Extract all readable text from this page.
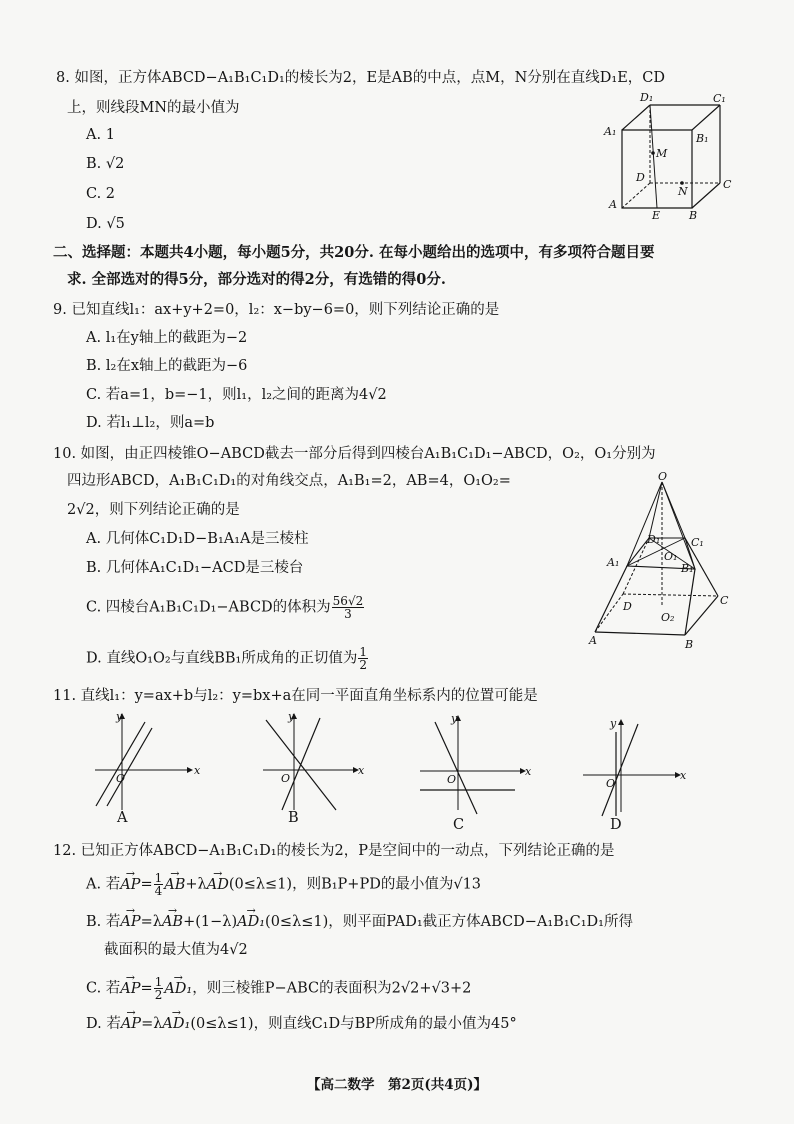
8. 如图，正方体ABCD−A₁B₁C₁D₁的棱长为2，E是AB的中点，点M，N分别在直线D₁E，CD
上，则线段MN的最小值为
A. 1
B. √2
C. 2
D. √5
D₁	C₁
A₁
B₁
M
D
N
C
A
E	B
二、选择题：本题共4小题，每小题5分，共20分. 在每小题给出的选项中，有多项符合题目要
求. 全部选对的得5分，部分选对的得2分，有选错的得0分.
9. 已知直线l₁：ax+y+2=0，l₂：x−by−6=0，则下列结论正确的是
A. l₁在y轴上的截距为−2
B. l₂在x轴上的截距为−6
C. 若a=1，b=−1，则l₁，l₂之间的距离为4√2
D. 若l₁⊥l₂，则a=b
10. 如图，由正四棱锥O−ABCD截去一部分后得到四棱台A₁B₁C₁D₁−ABCD，O₂，O₁分别为
四边形ABCD，A₁B₁C₁D₁的对角线交点，A₁B₁=2，AB=4，O₁O₂=
2√2，则下列结论正确的是
A. 几何体C₁D₁D−B₁A₁A是三棱柱
B. 几何体A₁C₁D₁−ACD是三棱台
C. 四棱台A₁B₁C₁D₁−ABCD的体积为 $\frac{56√2}{3}$
D. 直线O₁O₂与直线BB₁所成角的正切值为 $\frac{1}{2}$
O
D₁
O₁
C₁
A₁	B₁
D	C
O₂
A	B
11. 直线l₁：y=ax+b与l₂：y=bx+a在同一平面直角坐标系内的位置可能是
y
x
O
A
y
x
O
B
y
x
O
C
y
x
O
D
12. 已知正方体ABCD−A₁B₁C₁D₁的棱长为2，P是空间中的一动点，下列结论正确的是
A. 若→ $AP= \frac{1}{4}$
→ AB+λ→ AD(0≤λ≤1)，则B₁P+PD的最小值为√13
B. 若→ AP=λ→ AB+(1−λ)→ AD₁(0≤λ≤1)，则平面PAD₁截正方体ABCD−A₁B₁C₁D₁所得
截面积的最大值为4√2
C. 若→ $AP= \frac{1}{2}$
→ AD₁，则三棱锥P−ABC的表面积为2√2+√3+2
D. 若→ AP=λ→ AD₁(0≤λ≤1)，则直线C₁D与BP所成角的最小值为45°
【高二数学　第2页(共4页)】
